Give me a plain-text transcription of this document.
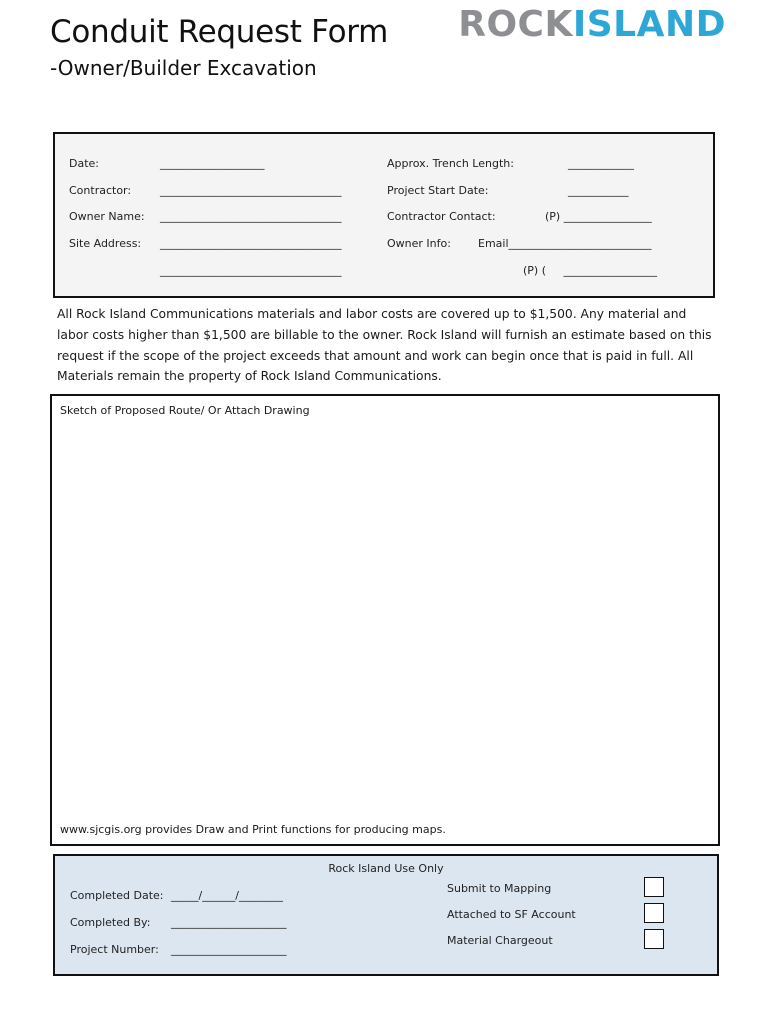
Conduit Request Form
-Owner/Builder Excavation
ROCKISLAND
Date:	___________________
Contractor:	_________________________________
Owner Name: _________________________________
Site Address: _________________________________
_________________________________
Approx. Trench Length:	____________
Project Start Date:	___________
Contractor Contact:	(P) ________________
Owner Info: Email__________________________
(P) (     _________________
All Rock Island Communications materials and labor costs are covered up to $1,500. Any material and labor costs higher than $1,500 are billable to the owner. Rock Island will furnish an estimate based on this request if the scope of the project exceeds that amount and work can begin once that is paid in full. All Materials remain the property of Rock Island Communications.
Sketch of Proposed Route/ Or Attach Drawing
www.sjcgis.org provides Draw and Print functions for producing maps.
Rock Island Use Only
Completed Date: _____/______/________
Completed By: _____________________
Project Number: _____________________
Submit to Mapping
Attached to SF Account
Material Chargeout
